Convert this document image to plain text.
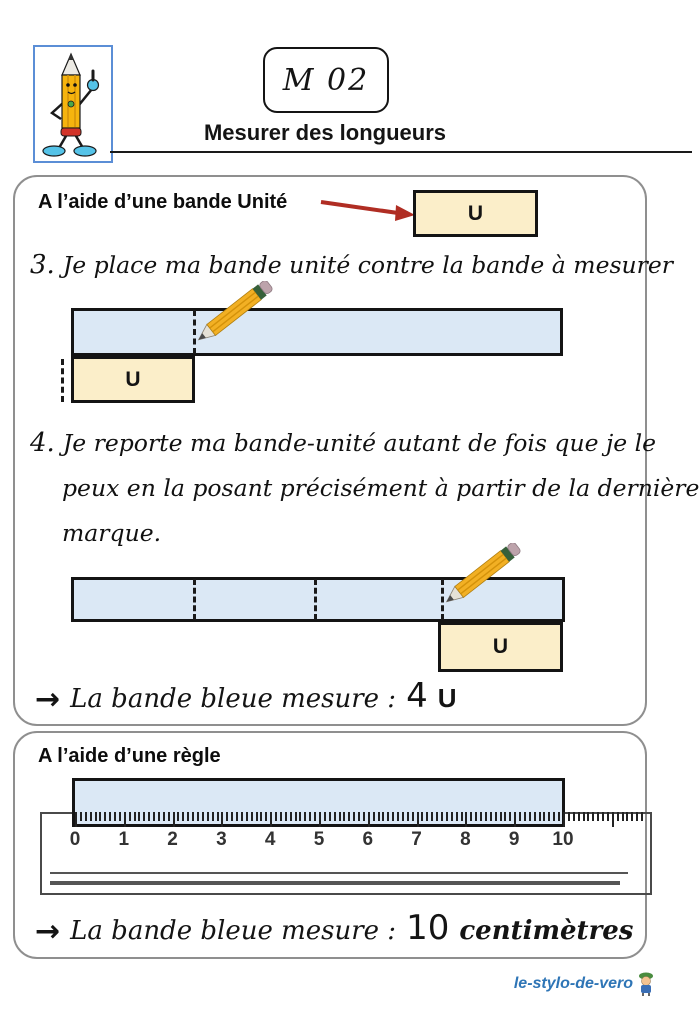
M 02
Mesurer des longueurs
A l’aide d’une bande Unité	U
3. Je place ma bande unité contre la bande à mesurer
U
4. Je reporte ma bande-unité autant de fois que je le
peux en la posant précisément à partir de la dernière
marque.
U
→ La bande bleue mesure : 4 U
A l’aide d’une règle
0 1 2 3 4 5 6 7 8 9 10
→ La bande bleue mesure : 10 centimètres
le-stylo-de-vero
